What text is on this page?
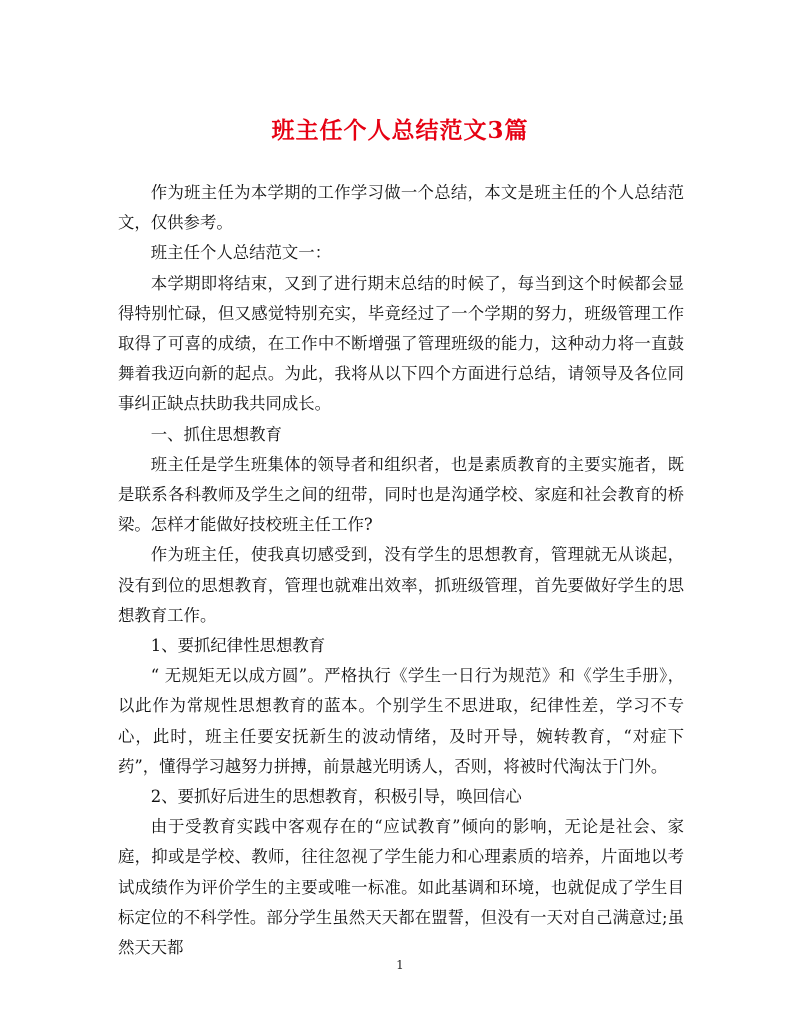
班主任个人总结范文3篇

作为班主任为本学期的工作学习做一个总结，本文是班主任的个人总结范文，仅供参考。

班主任个人总结范文一：

本学期即将结束，又到了进行期末总结的时候了，每当到这个时候都会显得特别忙碌，但又感觉特别充实，毕竟经过了一个学期的努力，班级管理工作取得了可喜的成绩，在工作中不断增强了管理班级的能力，这种动力将一直鼓舞着我迈向新的起点。为此，我将从以下四个方面进行总结，请领导及各位同事纠正缺点扶助我共同成长。

一、抓住思想教育

班主任是学生班集体的领导者和组织者，也是素质教育的主要实施者，既是联系各科教师及学生之间的纽带，同时也是沟通学校、家庭和社会教育的桥梁。怎样才能做好技校班主任工作?

作为班主任，使我真切感受到，没有学生的思想教育，管理就无从谈起，没有到位的思想教育，管理也就难出效率，抓班级管理，首先要做好学生的思想教育工作。

1、要抓纪律性思想教育

“ 无规矩无以成方圆”。严格执行《学生一日行为规范》和《学生手册》，以此作为常规性思想教育的蓝本。个别学生不思进取，纪律性差，学习不专心，此时，班主任要安抚新生的波动情绪，及时开导，婉转教育，“对症下药”，懂得学习越努力拼搏，前景越光明诱人，否则，将被时代淘汰于门外。

2、要抓好后进生的思想教育，积极引导，唤回信心

由于受教育实践中客观存在的“应试教育”倾向的影响，无论是社会、家庭，抑或是学校、教师，往往忽视了学生能力和心理素质的培养，片面地以考试成绩作为评价学生的主要或唯一标准。如此基调和环境，也就促成了学生目标定位的不科学性。部分学生虽然天天都在盟誓，但没有一天对自己满意过;虽然天天都

1
